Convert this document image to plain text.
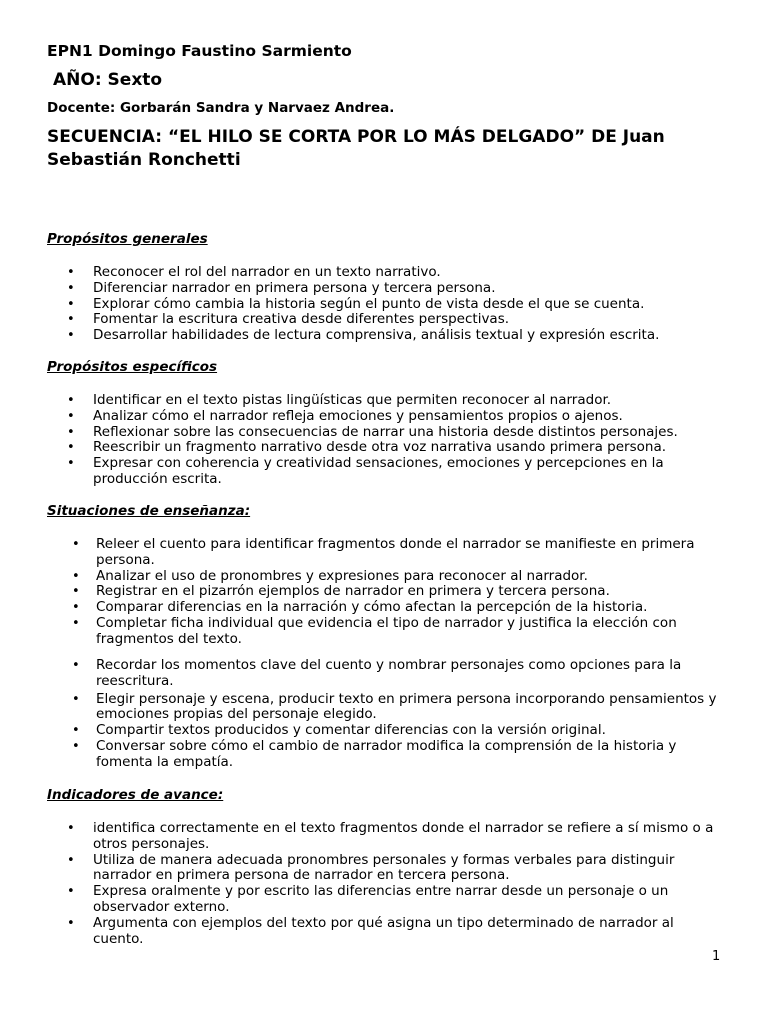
EPN1 Domingo Faustino Sarmiento
AÑO: Sexto
Docente: Gorbarán Sandra y Narvaez Andrea.
SECUENCIA: “EL HILO SE CORTA POR LO MÁS DELGADO” DE Juan Sebastián Ronchetti
Propósitos generales
• Reconocer el rol del narrador en un texto narrativo.
• Diferenciar narrador en primera persona y tercera persona.
• Explorar cómo cambia la historia según el punto de vista desde el que se cuenta.
• Fomentar la escritura creativa desde diferentes perspectivas.
• Desarrollar habilidades de lectura comprensiva, análisis textual y expresión escrita.
Propósitos específicos
• Identificar en el texto pistas lingüísticas que permiten reconocer al narrador.
• Analizar cómo el narrador refleja emociones y pensamientos propios o ajenos.
• Reflexionar sobre las consecuencias de narrar una historia desde distintos personajes.
• Reescribir un fragmento narrativo desde otra voz narrativa usando primera persona.
• Expresar con coherencia y creatividad sensaciones, emociones y percepciones en la producción escrita.
Situaciones de enseñanza:
• Releer el cuento para identificar fragmentos donde el narrador se manifieste en primera persona.
• Analizar el uso de pronombres y expresiones para reconocer al narrador.
• Registrar en el pizarrón ejemplos de narrador en primera y tercera persona.
• Comparar diferencias en la narración y cómo afectan la percepción de la historia.
• Completar ficha individual que evidencia el tipo de narrador y justifica la elección con fragmentos del texto.
• Recordar los momentos clave del cuento y nombrar personajes como opciones para la reescritura.
• Elegir personaje y escena, producir texto en primera persona incorporando pensamientos y emociones propias del personaje elegido.
• Compartir textos producidos y comentar diferencias con la versión original.
• Conversar sobre cómo el cambio de narrador modifica la comprensión de la historia y fomenta la empatía.
Indicadores de avance:
• identifica correctamente en el texto fragmentos donde el narrador se refiere a sí mismo o a otros personajes.
• Utiliza de manera adecuada pronombres personales y formas verbales para distinguir narrador en primera persona de narrador en tercera persona.
• Expresa oralmente y por escrito las diferencias entre narrar desde un personaje o un observador externo.
• Argumenta con ejemplos del texto por qué asigna un tipo determinado de narrador al cuento.
1
